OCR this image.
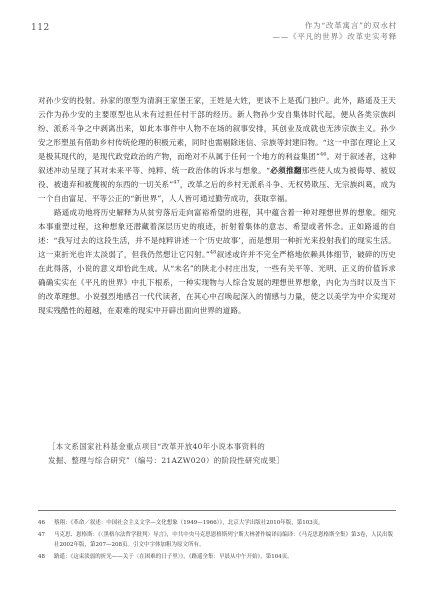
112	作为“改革寓言”的双水村
——《平凡的世界》改革史实考释

对孙少安的投射。孙家的原型为清涧王家堡王家，王姓是大姓，更谈不上是孤门独户。此外，路遥及王天云作为孙少安的主要原型也从未有过担任村干部的经历。新人物孙少安自集体时代起，便从各类宗族纠纷、派系斗争之中剥离出来，如此本事件中人物不在场的叙事安排，其创业及成就也无涉宗族主义。孙少安之形塑虽有借助乡村传统伦理的积极元素，同时也需剔除迷信、宗族等封建旧物。“这一中部在理论上又是极其现代的，是现代政党政治的产物，而绝对不从属于任何一个地方的利益集团”$^{46}$。对于叙述者，这种叙述冲动呈现了其对未来平等、纯粹、统一政治体的诉求与想象。“必须推翻那些使人成为被侮辱、被奴役、被遗弃和被蔑视的东西的一切关系”$^{47}$，改革之后的乡村无派系斗争、无权势欺压、无宗族纠葛，成为一个自由富足、平等公正的“新世界”，人人皆可通过勤劳成功，获取幸福。

路遥成功地将历史解释为从贫穷落后走向富裕希望的进程，其中蕴含着一种对理想世界的想象。细究本事重塑过程，这种想象还潜藏着深层历史的痕迹，折射着集体的意志、希望或者怀念。正如路遥的自述：“我写过去的这段生活，并不是纯粹讲述一个‘历史故事’，而是想用一种折光来投射我们的现实生活。这一束折光也许太淡弱了，但我仍然想让它闪射。”$^{48}$叙述或许并不完全严格地依赖具体细节，破碎的历史在此得落，小说的意义却恰此生成。从“未名”的陕北小村庄出发，一些有关平等、光明、正义的价值诉求确确实实在《平凡的世界》中扎下根系，一种实现物与人综合发展的理想世界想象，内化为当时以及当下的改革理想。小说强烈地感召一代代读者，在其心中召唤起深入的情感与力量，使之以美学为中介实现对现实残酷性的超越，在艰难的现实中开辟出面向世界的道路。

［本文系国家社科基金重点项目“改革开放40年小说本事资料的
发掘、整理与综合研究”（编号：21AZW020）的阶段性研究成果］
46	蔡翔：《革命／叙述：中国社会主义文学—文化想象（1949—1966）》，北京大学出版社2010年版，第103页。
47	马克思、恩格斯：《〈黑格尔法哲学批判〉导言》，中共中央马克思恩格斯列宁斯大林著作编译局编译：《马克思恩格斯全集》第3卷，人民出版社2002年版，第207—208页。引文中字体加粗为原文所有。
48	路遥：《这束淡弱的折光——关于〈在困难的日子里〉》，《路遥全集：早晨从中午开始》，第104页。
